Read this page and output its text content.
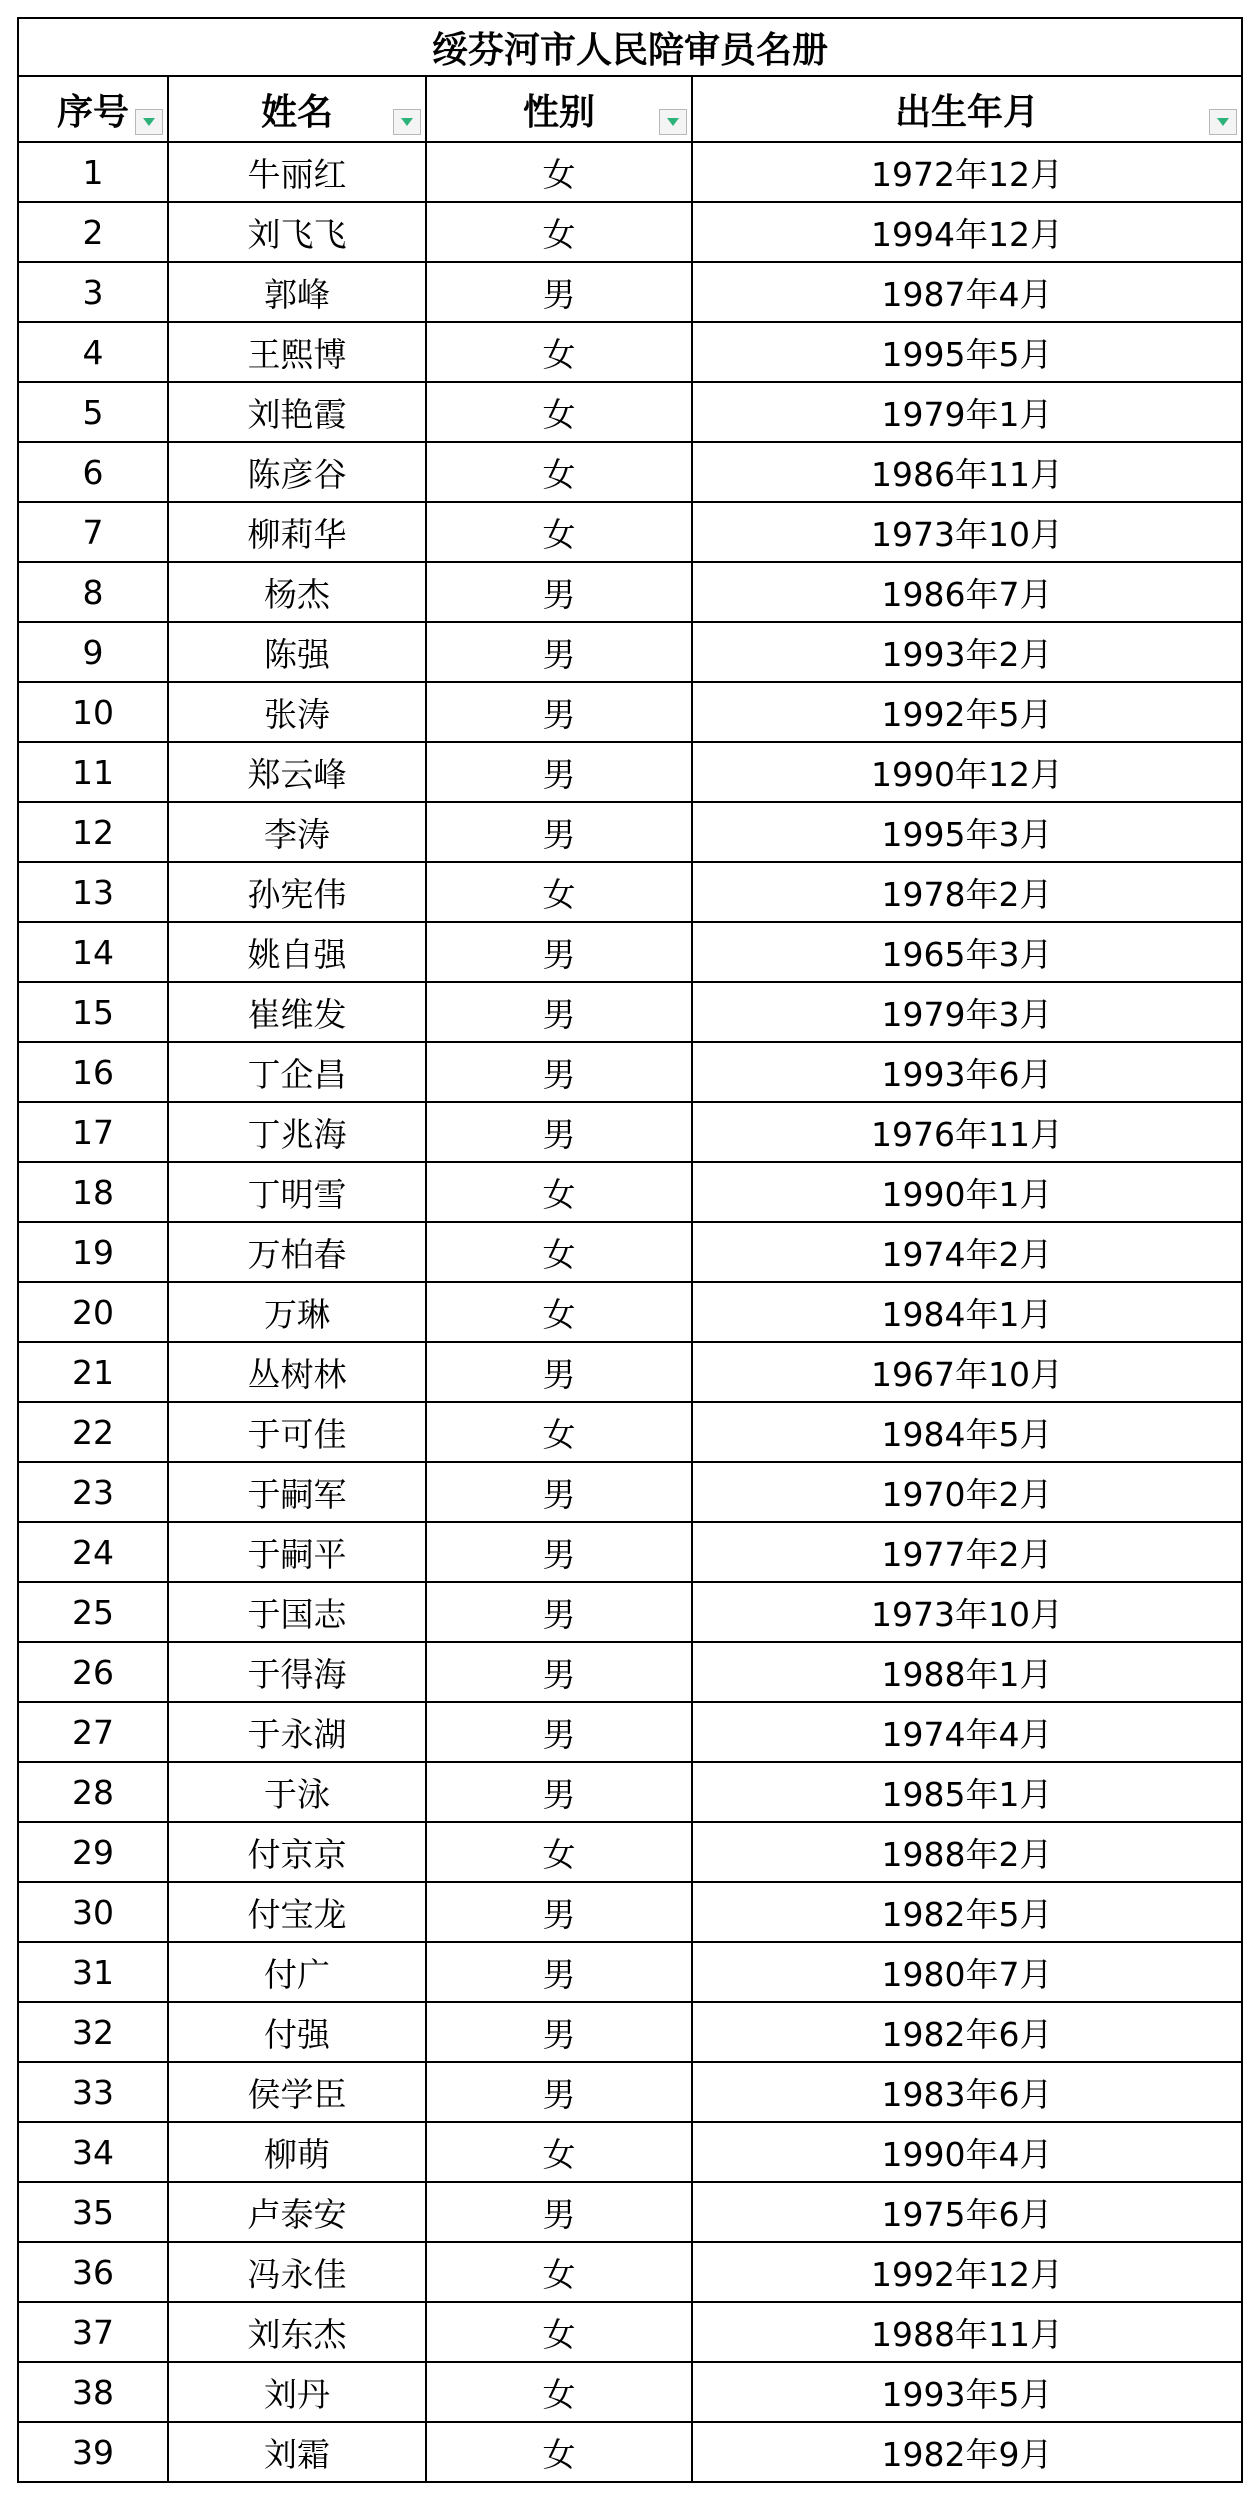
绥芬河市人民陪审员名册			
序号	姓名	性别	出生年月

1	牛丽红	女	1972年12月
2	刘飞飞	女	1994年12月
3	郭峰	男	1987年4月
4	王熙博	女	1995年5月
5	刘艳霞	女	1979年1月
6	陈彦谷	女	1986年11月
7	柳莉华	女	1973年10月
8	杨杰	男	1986年7月
9	陈强	男	1993年2月
10	张涛	男	1992年5月
11	郑云峰	男	1990年12月
12	李涛	男	1995年3月
13	孙宪伟	女	1978年2月
14	姚自强	男	1965年3月
15	崔维发	男	1979年3月
16	丁企昌	男	1993年6月
17	丁兆海	男	1976年11月
18	丁明雪	女	1990年1月
19	万柏春	女	1974年2月
20	万琳	女	1984年1月
21	丛树林	男	1967年10月
22	于可佳	女	1984年5月
23	于嗣军	男	1970年2月
24	于嗣平	男	1977年2月
25	于国志	男	1973年10月
26	于得海	男	1988年1月
27	于永湖	男	1974年4月
28	于泳	男	1985年1月
29	付京京	女	1988年2月
30	付宝龙	男	1982年5月
31	付广	男	1980年7月
32	付强	男	1982年6月
33	侯学臣	男	1983年6月
34	柳萌	女	1990年4月
35	卢泰安	男	1975年6月
36	冯永佳	女	1992年12月
37	刘东杰	女	1988年11月
38	刘丹	女	1993年5月
39	刘霜	女	1982年9月
